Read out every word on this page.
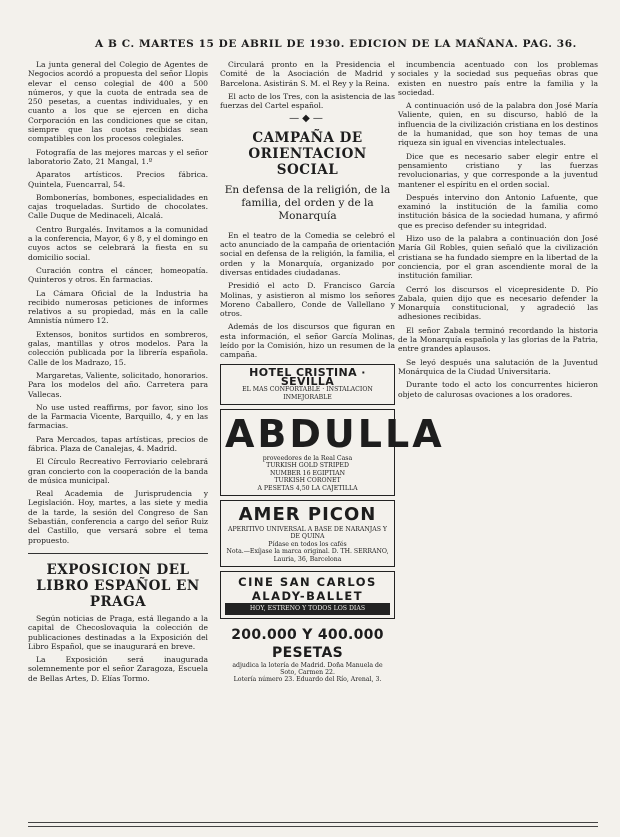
A B C. MARTES 15 DE ABRIL DE 1930. EDICION DE LA MAÑANA. PAG. 36.

La junta general del Colegio de Agentes de Negocios acordó a propuesta del señor Llopis elevar el censo colegial de 400 a 500 números, y que la cuota de entrada sea de 250 pesetas, a cuentas individuales, y en cuanto a los que se ejercen en dicha Corporación en las condiciones que se citan, siempre que las cuotas recibidas sean compatibles con los procesos colegiales.

Fotografía de las mejores marcas y el señor laboratorio Zato, 21 Mangal, 1.º

Aparatos artísticos. Precios fábrica. Quintela, Fuencarral, 54.

Bombonerías, bombones, especialidades en cajas troqueladas. Surtido de chocolates. Calle Duque de Medinaceli, Alcalá.

Centro Burgalés. Invitamos a la comunidad a la conferencia, Mayor, 6 y 8, y el domingo en cuyos actos se celebrará la fiesta en su domicilio social.

Curación contra el cáncer, homeopatía. Quinteros y otros. En farmacias.

La Cámara Oficial de la Industria ha recibido numerosas peticiones de informes relativos a su propiedad, más en la calle Amnistía número 12.

Extensos, bonitos surtidos en sombreros, galas, mantillas y otros modelos. Para la colección publicada por la librería española. Calle de los Madrazo, 15.

Margaretas, Valiente, solicitado, honorarios. Para los modelos del año. Carretera para Vallecas.

No use usted reaffirms, por favor, sino los de la Farmacia Vicente, Barquillo, 4, y en las farmacias.

Para Mercados, tapas artísticas, precios de fábrica. Plaza de Canalejas, 4. Madrid.

El Círculo Recreativo Ferroviario celebrará gran concierto con la cooperación de la banda de música municipal.

Real Academia de Jurisprudencia y Legislación. Hoy, martes, a las siete y media de la tarde, la sesión del Congreso de San Sebastián, conferencia a cargo del señor Ruiz del Castillo, que versará sobre el tema propuesto.

EXPOSICION DEL LIBRO ESPAÑOL EN PRAGA

Según noticias de Praga, está llegando a la capital de Checoslovaquia la colección de publicaciones destinadas a la Exposición del Libro Español, que se inaugurará en breve.

La Exposición será inaugurada solemnemente por el señor Zaragoza, Escuela de Bellas Artes, D. Elías Tormo.

Circulará pronto en la Presidencia el Comité de la Asociación de Madrid y Barcelona. Asistirán S. M. el Rey y la Reina.

El acto de los Tres, con la asistencia de las fuerzas del Cartel español.

—◆—
CAMPAÑA DE ORIENTACION SOCIAL
En defensa de la religión, de la familia, del orden y de la Monarquía

En el teatro de la Comedia se celebró el acto anunciado de la campaña de orientación social en defensa de la religión, la familia, el orden y la Monarquía, organizado por diversas entidades ciudadanas.

Presidió el acto D. Francisco García Molinas, y asistieron al mismo los señores Moreno Caballero, Conde de Vallellano y otros.

Además de los discursos que figuran en esta información, el señor García Molinas, leído por la Comisión, hizo un resumen de la campaña.

HOTEL CRISTINA · SEVILLA
EL MAS CONFORTABLE · INSTALACION INMEJORABLE
ABDULLA
proveedores de la Real Casa
TURKISH GOLD STRIPED
NUMBER 16 EGIPTIAN
TURKISH CORONET
A PESETAS 4,50 LA CAJETILLA
AMER PICON
APERITIVO UNIVERSAL A BASE DE NARANJAS Y DE QUINA
Pídase en todos los cafés
Nota.—Exíjase la marca original. D. TH. SERRANO, Lauria, 36, Barcelona
CINE SAN CARLOS
ALADY-BALLET
HOY, ESTRENO Y TODOS LOS DIAS
200.000 Y 400.000 PESETAS
adjudica la lotería de Madrid. Doña Manuela de Soto, Carmen 22.
Lotería número 23. Eduardo del Río, Arenal, 3.

incumbencia acentuado con los problemas sociales y la sociedad sus pequeñas obras que existen en nuestro país entre la familia y la sociedad.

A continuación usó de la palabra don José María Valiente, quien, en su discurso, habló de la influencia de la civilización cristiana en los destinos de la humanidad, que son hoy temas de una riqueza sin igual en vivencias intelectuales.

Dice que es necesario saber elegir entre el pensamiento cristiano y las fuerzas revolucionarias, y que corresponde a la juventud mantener el espíritu en el orden social.

Después intervino don Antonio Lafuente, que examinó la institución de la familia como institución básica de la sociedad humana, y afirmó que es preciso defender su integridad.

Hizo uso de la palabra a continuación don José María Gil Robles, quien señaló que la civilización cristiana se ha fundado siempre en la libertad de la conciencia, por el gran ascendiente moral de la institución familiar.

Cerró los discursos el vicepresidente D. Pío Zabala, quien dijo que es necesario defender la Monarquía constitucional, y agradeció las adhesiones recibidas.

El señor Zabala terminó recordando la historia de la Monarquía española y las glorias de la Patria, entre grandes aplausos.

Se leyó después una salutación de la Juventud Monárquica de la Ciudad Universitaria.

Durante todo el acto los concurrentes hicieron objeto de calurosas ovaciones a los oradores.
